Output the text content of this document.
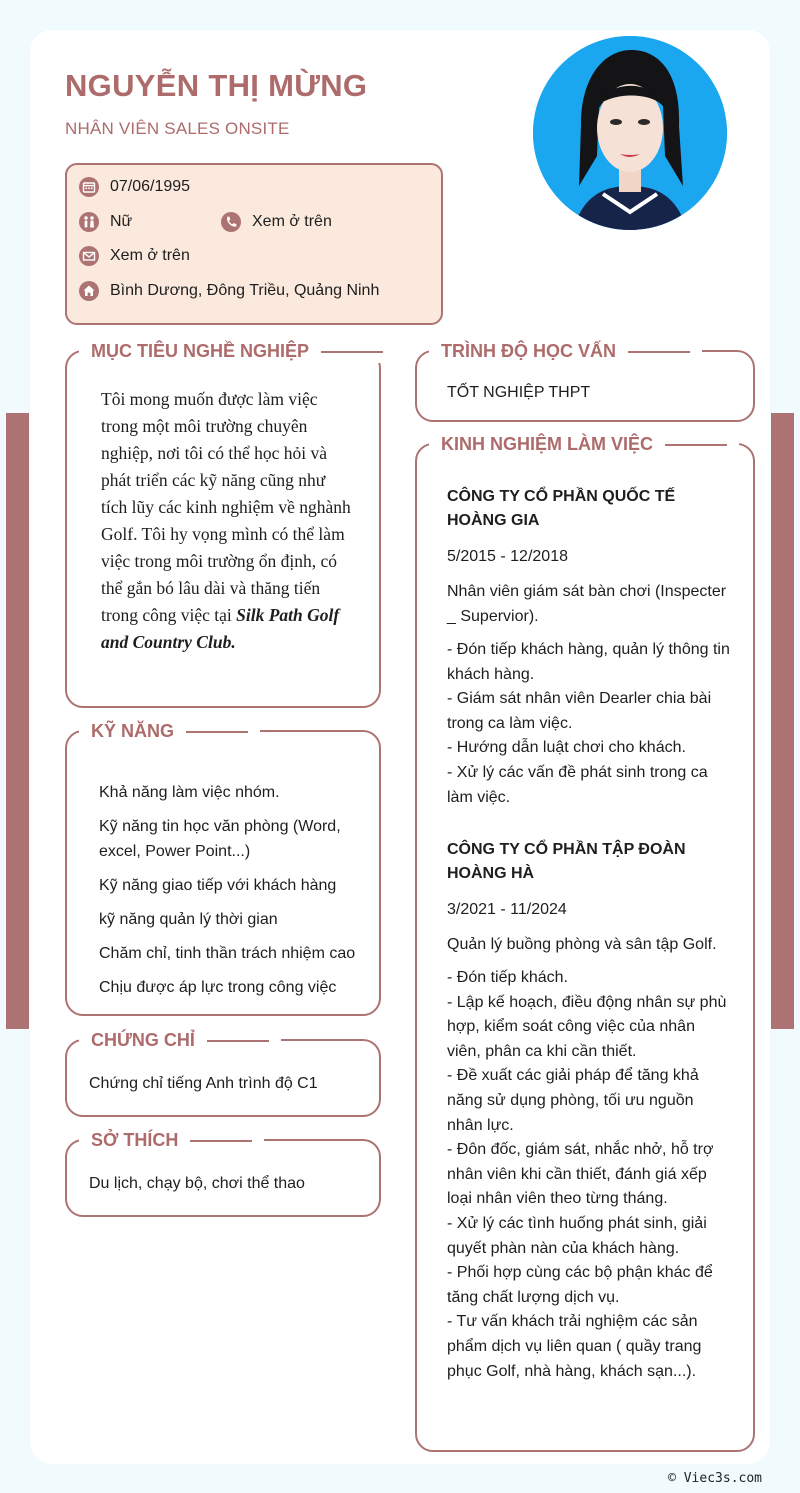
NGUYỄN THỊ MỪNG
NHÂN VIÊN SALES ONSITE
07/06/1995
Nữ	Xem ở trên
Xem ở trên
Bình Dương, Đông Triều, Quảng Ninh
MỤC TIÊU NGHỀ NGHIỆP
Tôi mong muốn được làm việc trong một môi trường chuyên nghiệp, nơi tôi có thể học hỏi và phát triển các kỹ năng cũng như tích lũy các kinh nghiệm về nghành Golf. Tôi hy vọng mình có thể làm việc trong môi trường ổn định, có thể gắn bó lâu dài và thăng tiến trong công việc tại Silk Path Golf and Country Club.
KỸ NĂNG
Khả năng làm việc nhóm.
Kỹ năng tin học văn phòng (Word, excel, Power Point...)
Kỹ năng giao tiếp với khách hàng
kỹ năng quản lý thời gian
Chăm chỉ, tinh thần trách nhiệm cao
Chịu được áp lực trong công việc
CHỨNG CHỈ
Chứng chỉ tiếng Anh trình độ C1
SỞ THÍCH
Du lịch, chạy bộ, chơi thể thao
TRÌNH ĐỘ HỌC VẤN
TỐT NGHIỆP THPT
KINH NGHIỆM LÀM VIỆC
CÔNG TY CỔ PHẦN QUỐC TẾ HOÀNG GIA
5/2015 - 12/2018
Nhân viên giám sát bàn chơi (Inspecter _ Supervior).
- Đón tiếp khách hàng, quản lý thông tin khách hàng.
- Giám sát nhân viên Dearler chia bài trong ca làm việc.
- Hướng dẫn luật chơi cho khách.
- Xử lý các vấn đề phát sinh trong ca làm việc.
CÔNG TY CỔ PHẦN TẬP ĐOÀN HOÀNG HÀ
3/2021 - 11/2024
Quản lý buồng phòng và sân tập Golf.
- Đón tiếp khách.
- Lập kế hoạch, điều động nhân sự phù hợp, kiểm soát công việc của nhân viên, phân ca khi cần thiết.
- Đề xuất các giải pháp để tăng khả năng sử dụng phòng, tối ưu nguồn nhân lực.
- Đôn đốc, giám sát, nhắc nhở, hỗ trợ nhân viên khi cần thiết, đánh giá xếp loại nhân viên theo từng tháng.
- Xử lý các tình huống phát sinh, giải quyết phàn nàn của khách hàng.
- Phối hợp cùng các bộ phận khác để tăng chất lượng dịch vụ.
- Tư vấn khách trải nghiệm các sản phẩm dịch vụ liên quan ( quầy trang phục Golf, nhà hàng, khách sạn...).
© Viec3s.com
